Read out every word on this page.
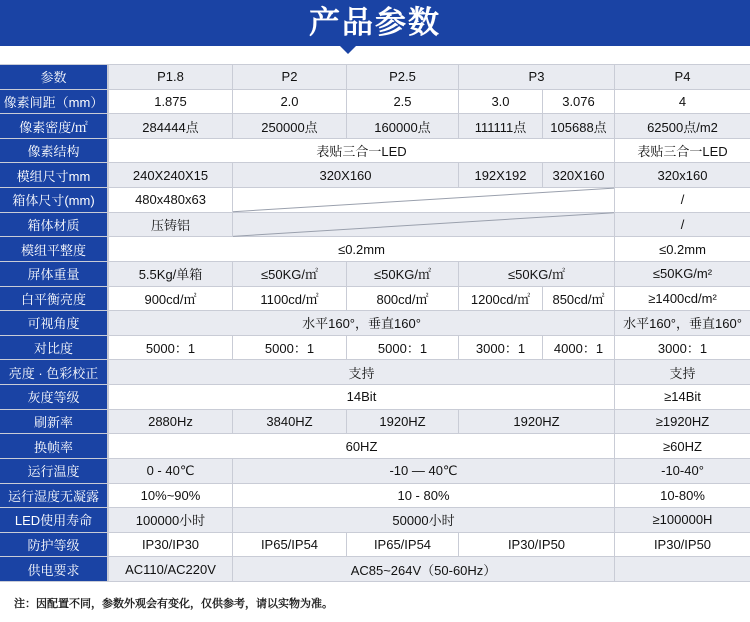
产品参数
注：因配置不同，参数外观会有变化，仅供参考，请以实物为准。
参数	P1.8	P2	P2.5	P3	P4
像素间距（mm）	1.875	2.0	2.5	3.0	3.076	4
像素密度/㎡	284444点	250000点	160000点	111111点	105688点	62500点/m2
像素结构	表贴三合一LED	表贴三合一LED
模组尺寸mm	240X240X15	320X160	192X192	320X160	320x160
箱体尺寸(mm)	480x480x63	/
箱体材质	压铸铝	/
模组平整度	≤0.2mm	≤0.2mm
屏体重量	5.5Kg/单箱	≤50KG/㎡	≤50KG/㎡	≤50KG/㎡	≤50KG/m²
白平衡亮度	900cd/㎡	1100cd/㎡	800cd/㎡	1200cd/㎡	850cd/㎡	≥1400cd/m²
可视角度	水平160°，垂直160°	水平160°，垂直160°
对比度	5000：1	5000：1	5000：1	3000：1	4000：1	3000：1
亮度 · 色彩校正	支持	支持
灰度等级	14Bit	≥14Bit
刷新率	2880Hz	3840HZ	1920HZ	1920HZ	≥1920HZ
换帧率	60HZ	≥60HZ
运行温度	0 - 40℃	-10 — 40℃	-10-40°
运行湿度无凝露	10%~90%	10 - 80%	10-80%
LED使用寿命	100000小时	50000小时	≥100000H
防护等级	IP30/IP30	IP65/IP54	IP65/IP54	IP30/IP50	IP30/IP50
供电要求	AC110/AC220V	AC85~264V（50-60Hz）
